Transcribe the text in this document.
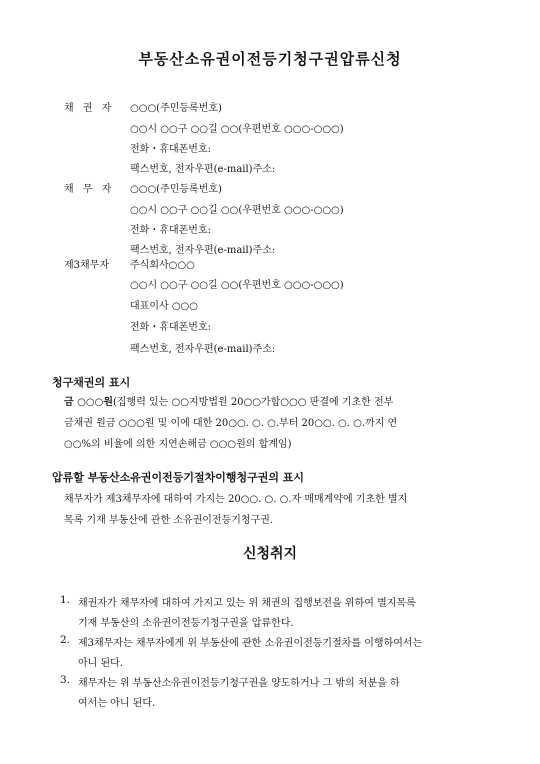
부동산소유권이전등기청구권압류신청
채 권 자 ○○○(주민등록번호)
○○시 ○○구 ○○길 ○○(우편번호 ○○○-○○○)
전화・휴대폰번호:
팩스번호, 전자우편(e-mail)주소:
채 무 자 ○○○(주민등록번호)
○○시 ○○구 ○○길 ○○(우편번호 ○○○-○○○)
전화・휴대폰번호:
팩스번호, 전자우편(e-mail)주소:
제3채무자 주식회사○○○
○○시 ○○구 ○○길 ○○(우편번호 ○○○-○○○)
대표이사 ○○○
전화・휴대폰번호:
팩스번호, 전자우편(e-mail)주소:
청구채권의 표시
금 ○○○원(집행력 있는 ○○지방법원 20○○가합○○○ 판결에 기초한 전부
금채권 원금 ○○○원 및 이에 대한 20○○. ○. ○.부터 20○○. ○. ○.까지 연
○○%의 비율에 의한 지연손해금 ○○○원의 합계임)
압류할 부동산소유권이전등기절차이행청구권의 표시
채무자가 제3채무자에 대하여 가지는 20○○. ○. ○.자 매매계약에 기초한 별지
목록 기재 부동산에 관한 소유권이전등기청구권.
신청취지
1. 채권자가 채무자에 대하여 가지고 있는 위 채권의 집행보전을 위하여 별지목록
기재 부동산의 소유권이전등기청구권을 압류한다.
2. 제3채무자는 채무자에게 위 부동산에 관한 소유권이전등기절차를 이행하여서는
아니 된다.
3. 채무자는 위 부동산소유권이전등기청구권을 양도하거나 그 밖의 처분을 하
여서는 아니 된다.
